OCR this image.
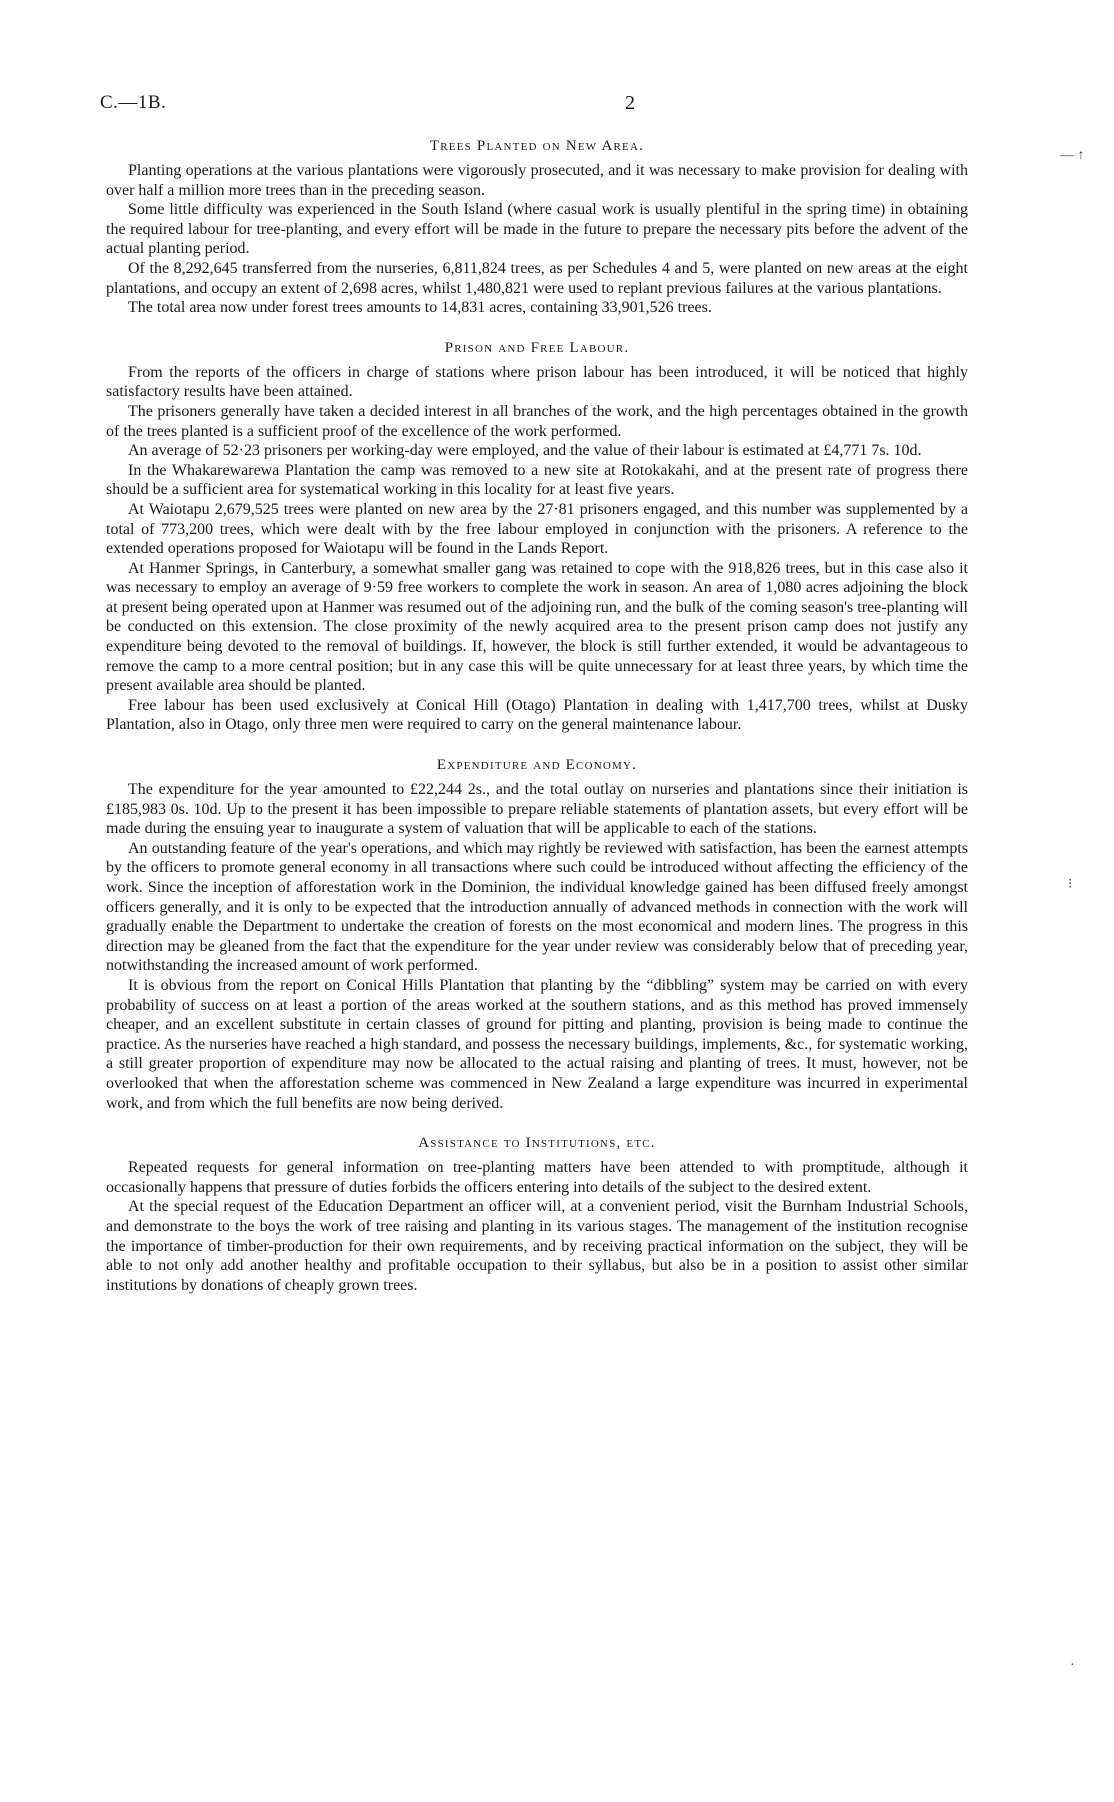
C.—1B.	2
— ↑
⁝
·
Trees Planted on New Area.

Planting operations at the various plantations were vigorously prosecuted, and it was necessary to make provision for dealing with over half a million more trees than in the preceding season.

Some little difficulty was experienced in the South Island (where casual work is usually plentiful in the spring time) in obtaining the required labour for tree-planting, and every effort will be made in the future to prepare the necessary pits before the advent of the actual planting period.

Of the 8,292,645 transferred from the nurseries, 6,811,824 trees, as per Schedules 4 and 5, were planted on new areas at the eight plantations, and occupy an extent of 2,698 acres, whilst 1,480,821 were used to replant previous failures at the various plantations.

The total area now under forest trees amounts to 14,831 acres, containing 33,901,526 trees.

Prison and Free Labour.

From the reports of the officers in charge of stations where prison labour has been introduced, it will be noticed that highly satisfactory results have been attained.

The prisoners generally have taken a decided interest in all branches of the work, and the high percentages obtained in the growth of the trees planted is a sufficient proof of the excellence of the work performed.

An average of 52·23 prisoners per working-day were employed, and the value of their labour is estimated at £4,771 7s. 10d.

In the Whakarewarewa Plantation the camp was removed to a new site at Rotokakahi, and at the present rate of progress there should be a sufficient area for systematical working in this locality for at least five years.

At Waiotapu 2,679,525 trees were planted on new area by the 27·81 prisoners engaged, and this number was supplemented by a total of 773,200 trees, which were dealt with by the free labour employed in conjunction with the prisoners. A reference to the extended operations proposed for Waiotapu will be found in the Lands Report.

At Hanmer Springs, in Canterbury, a somewhat smaller gang was retained to cope with the 918,826 trees, but in this case also it was necessary to employ an average of 9·59 free workers to complete the work in season. An area of 1,080 acres adjoining the block at present being operated upon at Hanmer was resumed out of the adjoining run, and the bulk of the coming season's tree-planting will be conducted on this extension. The close proximity of the newly acquired area to the present prison camp does not justify any expenditure being devoted to the removal of buildings. If, however, the block is still further extended, it would be advantageous to remove the camp to a more central position; but in any case this will be quite unnecessary for at least three years, by which time the present available area should be planted.

Free labour has been used exclusively at Conical Hill (Otago) Plantation in dealing with 1,417,700 trees, whilst at Dusky Plantation, also in Otago, only three men were required to carry on the general maintenance labour.

Expenditure and Economy.

The expenditure for the year amounted to £22,244 2s., and the total outlay on nurseries and plantations since their initiation is £185,983 0s. 10d. Up to the present it has been impossible to prepare reliable statements of plantation assets, but every effort will be made during the ensuing year to inaugurate a system of valuation that will be applicable to each of the stations.

An outstanding feature of the year's operations, and which may rightly be reviewed with satisfaction, has been the earnest attempts by the officers to promote general economy in all transactions where such could be introduced without affecting the efficiency of the work. Since the inception of afforestation work in the Dominion, the individual knowledge gained has been diffused freely amongst officers generally, and it is only to be expected that the introduction annually of advanced methods in connection with the work will gradually enable the Department to undertake the creation of forests on the most economical and modern lines. The progress in this direction may be gleaned from the fact that the expenditure for the year under review was considerably below that of preceding year, notwithstanding the increased amount of work performed.

It is obvious from the report on Conical Hills Plantation that planting by the “dibbling” system may be carried on with every probability of success on at least a portion of the areas worked at the southern stations, and as this method has proved immensely cheaper, and an excellent substitute in certain classes of ground for pitting and planting, provision is being made to continue the practice. As the nurseries have reached a high standard, and possess the necessary buildings, implements, &c., for systematic working, a still greater proportion of expenditure may now be allocated to the actual raising and planting of trees. It must, however, not be overlooked that when the afforestation scheme was commenced in New Zealand a large expenditure was incurred in experimental work, and from which the full benefits are now being derived.

Assistance to Institutions, etc.

Repeated requests for general information on tree-planting matters have been attended to with promptitude, although it occasionally happens that pressure of duties forbids the officers entering into details of the subject to the desired extent.

At the special request of the Education Department an officer will, at a convenient period, visit the Burnham Industrial Schools, and demonstrate to the boys the work of tree raising and planting in its various stages. The management of the institution recognise the importance of timber-production for their own requirements, and by receiving practical information on the subject, they will be able to not only add another healthy and profitable occupation to their syllabus, but also be in a position to assist other similar institutions by donations of cheaply grown trees.
